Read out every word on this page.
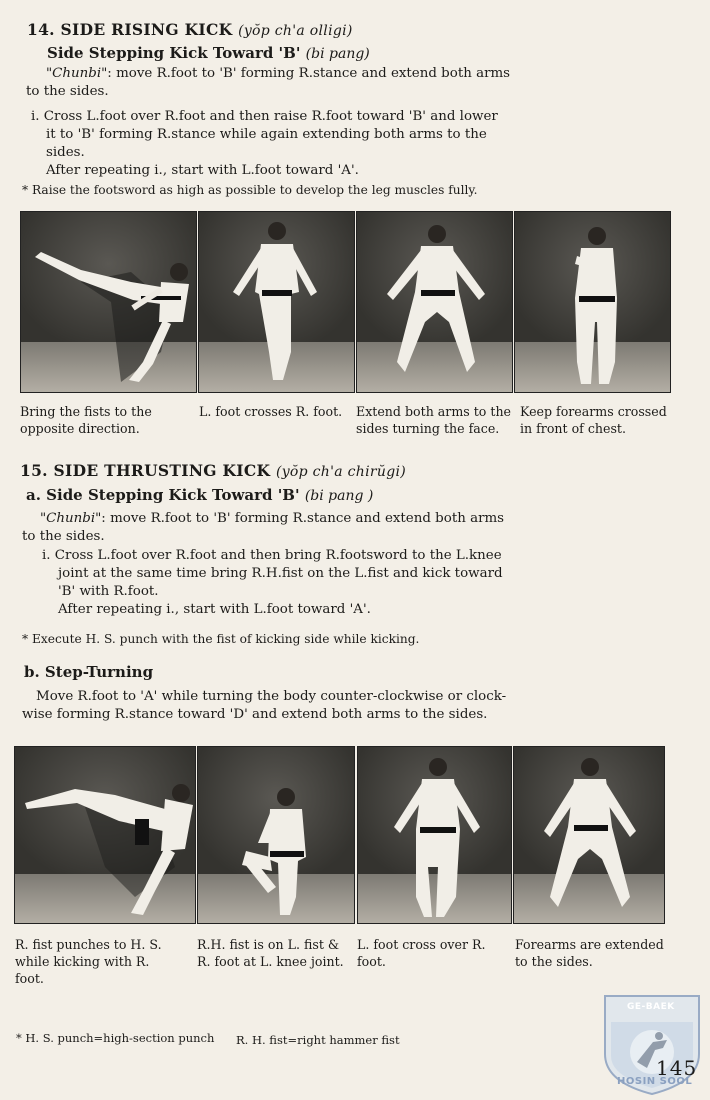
14. SIDE RISING KICK (yŏp ch'a olligi)
Side Stepping Kick Toward 'B' (bi pang)
"Chunbi": move R.foot to 'B' forming R.stance and extend both arms
to the sides.
i. Cross L.foot over R.foot and then raise R.foot toward 'B' and lower
it to 'B' forming R.stance while again extending both arms to the
sides.
After repeating i., start with L.foot toward 'A'.
* Raise the footsword as high as possible to develop the leg muscles fully.
Bring the fists to the
opposite direction.
L. foot crosses R. foot. Extend both arms to the
sides turning the face.
Keep forearms crossed
in front of chest.
15. SIDE THRUSTING KICK (yŏp ch'a chirŭgi)
a. Side Stepping Kick Toward 'B' (bi pang )
"Chunbi": move R.foot to 'B' forming R.stance and extend both arms
to the sides.
i. Cross L.foot over R.foot and then bring R.footsword to the L.knee
joint at the same time bring R.H.fist on the L.fist and kick toward
'B' with R.foot.
After repeating i., start with L.foot toward 'A'.
* Execute H. S. punch with the fist of kicking side while kicking.
b. Step-Turning
Move R.foot to 'A' while turning the body counter-clockwise or clock-
wise forming R.stance toward 'D' and extend both arms to the sides.
R. fist punches to H. S.
while kicking with R.
foot.
R.H. fist is on L. fist &
R. foot at L. knee joint.
L. foot cross over R.
foot.
Forearms are extended
to the sides.
* H. S. punch=high-section punch R. H. fist=right hammer fist
GE-BAEK
HOSIN SOOL
145
